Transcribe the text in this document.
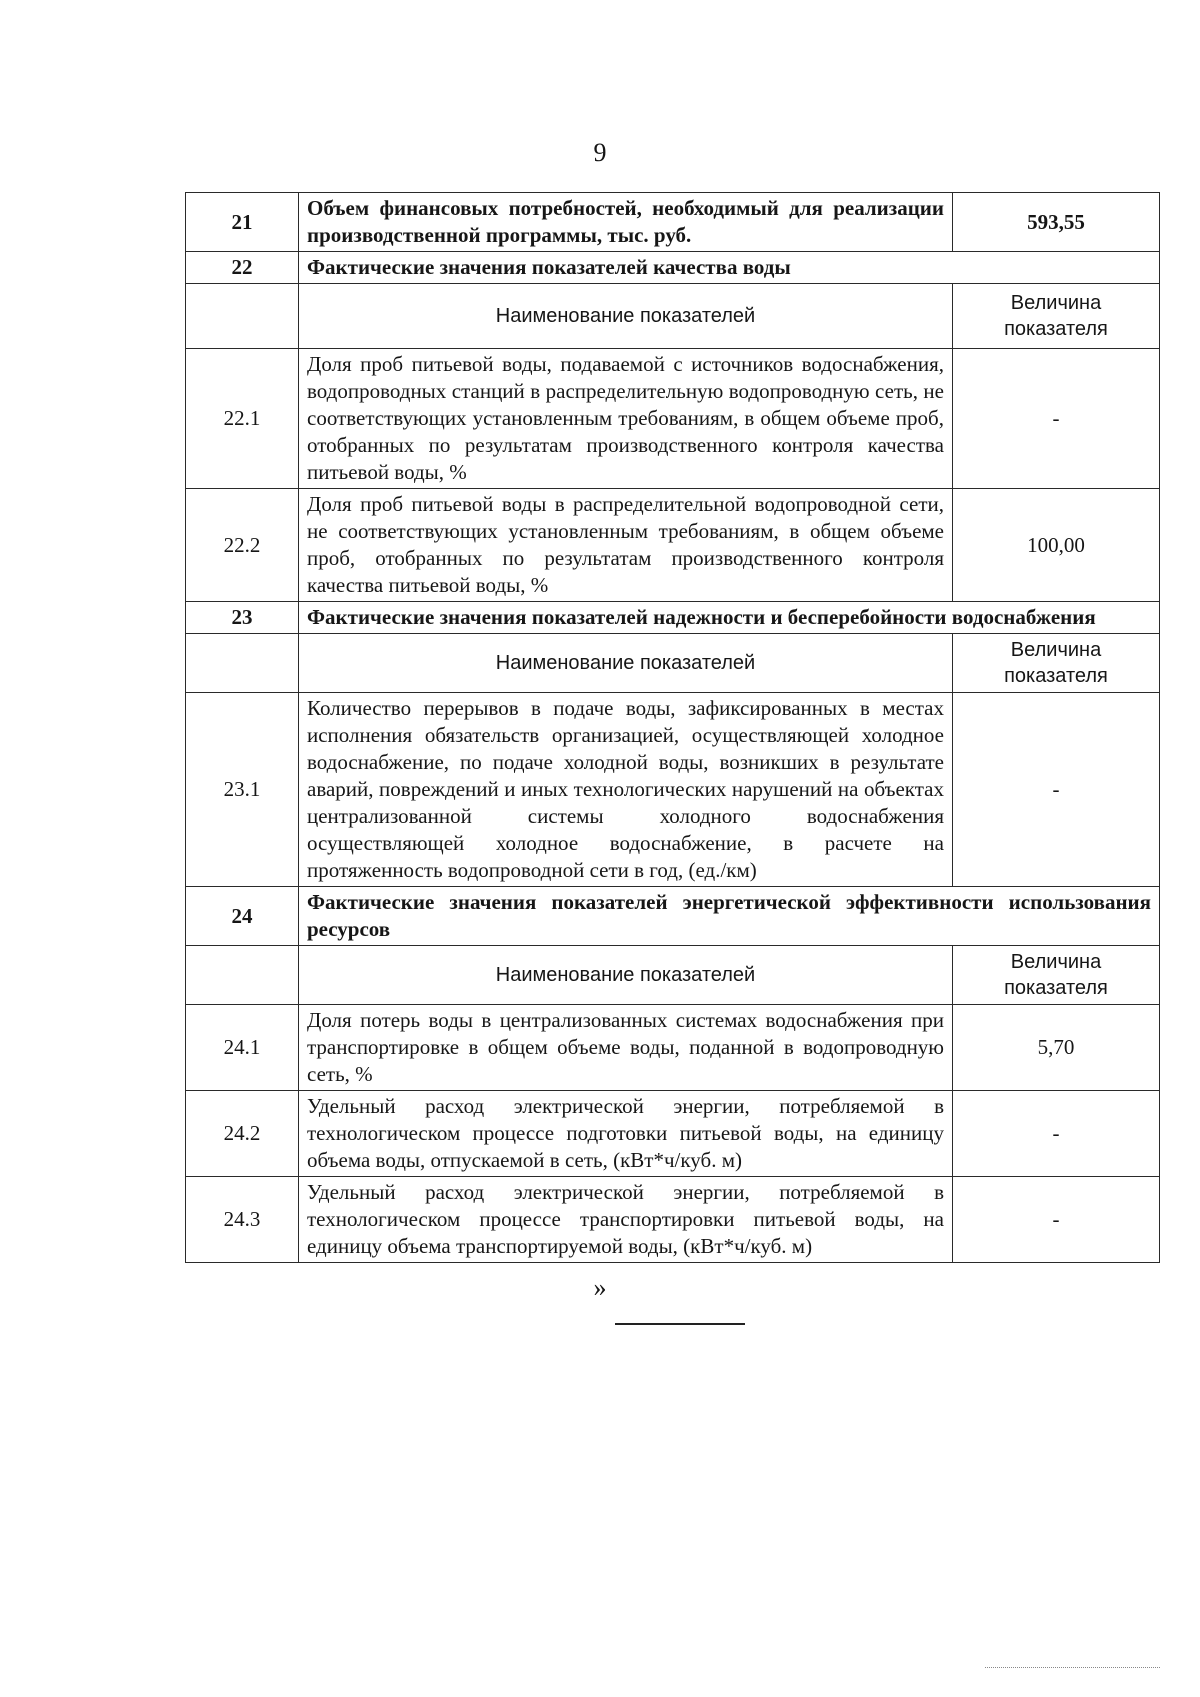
9
21	Объем финансовых потребностей, необходимый для реализации производственной программы, тыс. руб.	593,55
22	Фактические значения показателей качества воды	
	Наименование показателей	Величина показателя
22.1	Доля проб питьевой воды, подаваемой с источников водоснабжения, водопроводных станций в распределительную водопроводную сеть, не соответствующих установленным требованиям, в общем объеме проб, отобранных по результатам производственного контроля качества питьевой воды, %	-
22.2	Доля проб питьевой воды в распределительной водопроводной сети, не соответствующих установленным требованиям, в общем объеме проб, отобранных по результатам производственного контроля качества питьевой воды, %	100,00
23	Фактические значения показателей надежности и бесперебойности водоснабжения	
	Наименование показателей	Величина показателя
23.1	Количество перерывов в подаче воды, зафиксированных в местах исполнения обязательств организацией, осуществляющей холодное водоснабжение, по подаче холодной воды, возникших в результате аварий, повреждений и иных технологических нарушений на объектах централизованной системы холодного водоснабжения осуществляющей холодное водоснабжение, в расчете на протяженность водопроводной сети в год, (ед./км)	-
24	Фактические значения показателей энергетической эффективности использования ресурсов	
	Наименование показателей	Величина показателя
24.1	Доля потерь воды в централизованных системах водоснабжения при транспортировке в общем объеме воды, поданной в водопроводную сеть, %	5,70
24.2	Удельный расход электрической энергии, потребляемой в технологическом процессе подготовки питьевой воды, на единицу объема воды, отпускаемой в сеть, (кВт*ч/куб. м)	-
24.3	Удельный расход электрической энергии, потребляемой в технологическом процессе транспортировки питьевой воды, на единицу объема транспортируемой воды, (кВт*ч/куб. м)	-
»
